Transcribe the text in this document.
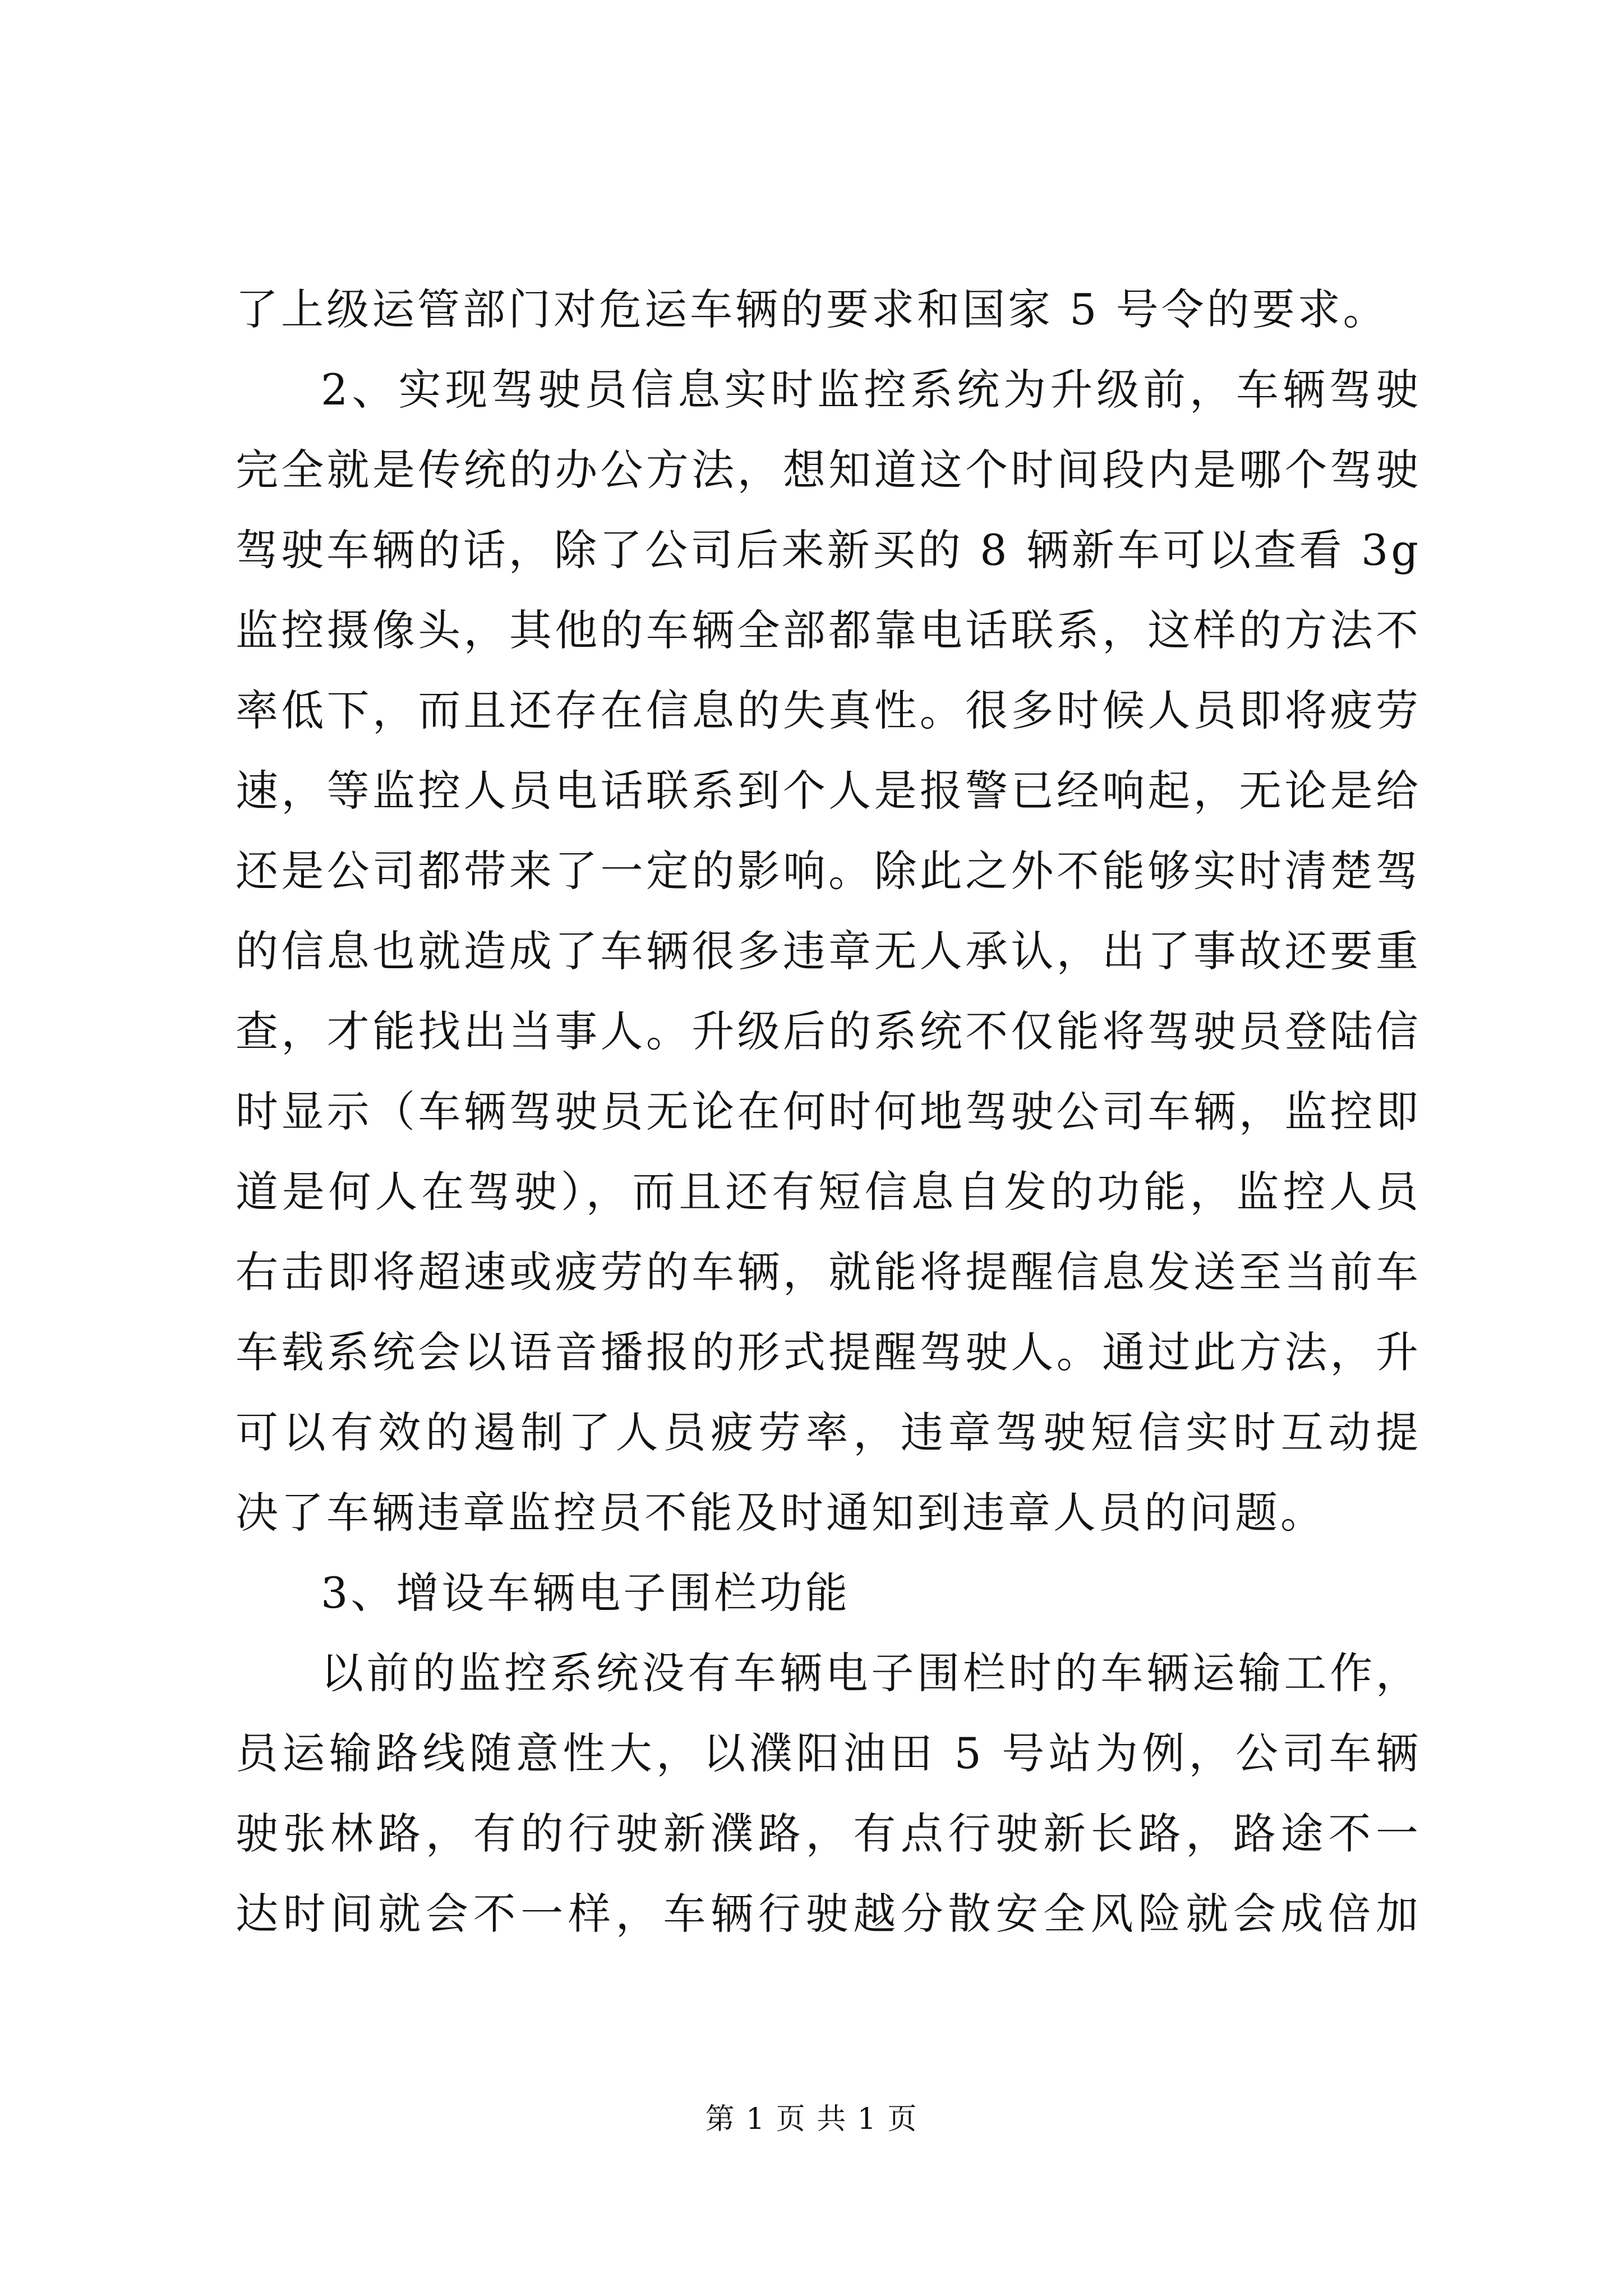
了上级运管部门对危运车辆的要求和国家 5 号令的要求。
2、实现驾驶员信息实时监控系统为升级前，车辆驾驶
完全就是传统的办公方法，想知道这个时间段内是哪个驾驶
驾驶车辆的话，除了公司后来新买的 8 辆新车可以查看 3g
监控摄像头，其他的车辆全部都靠电话联系，这样的方法不
率低下，而且还存在信息的失真性。很多时候人员即将疲劳
速，等监控人员电话联系到个人是报警已经响起，无论是给
还是公司都带来了一定的影响。除此之外不能够实时清楚驾
的信息也就造成了车辆很多违章无人承认，出了事故还要重
查，才能找出当事人。升级后的系统不仅能将驾驶员登陆信
时显示（车辆驾驶员无论在何时何地驾驶公司车辆，监控即
道是何人在驾驶），而且还有短信息自发的功能，监控人员
右击即将超速或疲劳的车辆，就能将提醒信息发送至当前车
车载系统会以语音播报的形式提醒驾驶人。通过此方法，升
可以有效的遏制了人员疲劳率，违章驾驶短信实时互动提
决了车辆违章监控员不能及时通知到违章人员的问题。
3、增设车辆电子围栏功能
以前的监控系统没有车辆电子围栏时的车辆运输工作，
员运输路线随意性大，以濮阳油田 5 号站为例，公司车辆
驶张林路，有的行驶新濮路，有点行驶新长路，路途不一
达时间就会不一样，车辆行驶越分散安全风险就会成倍加
第 1 页 共 1 页
